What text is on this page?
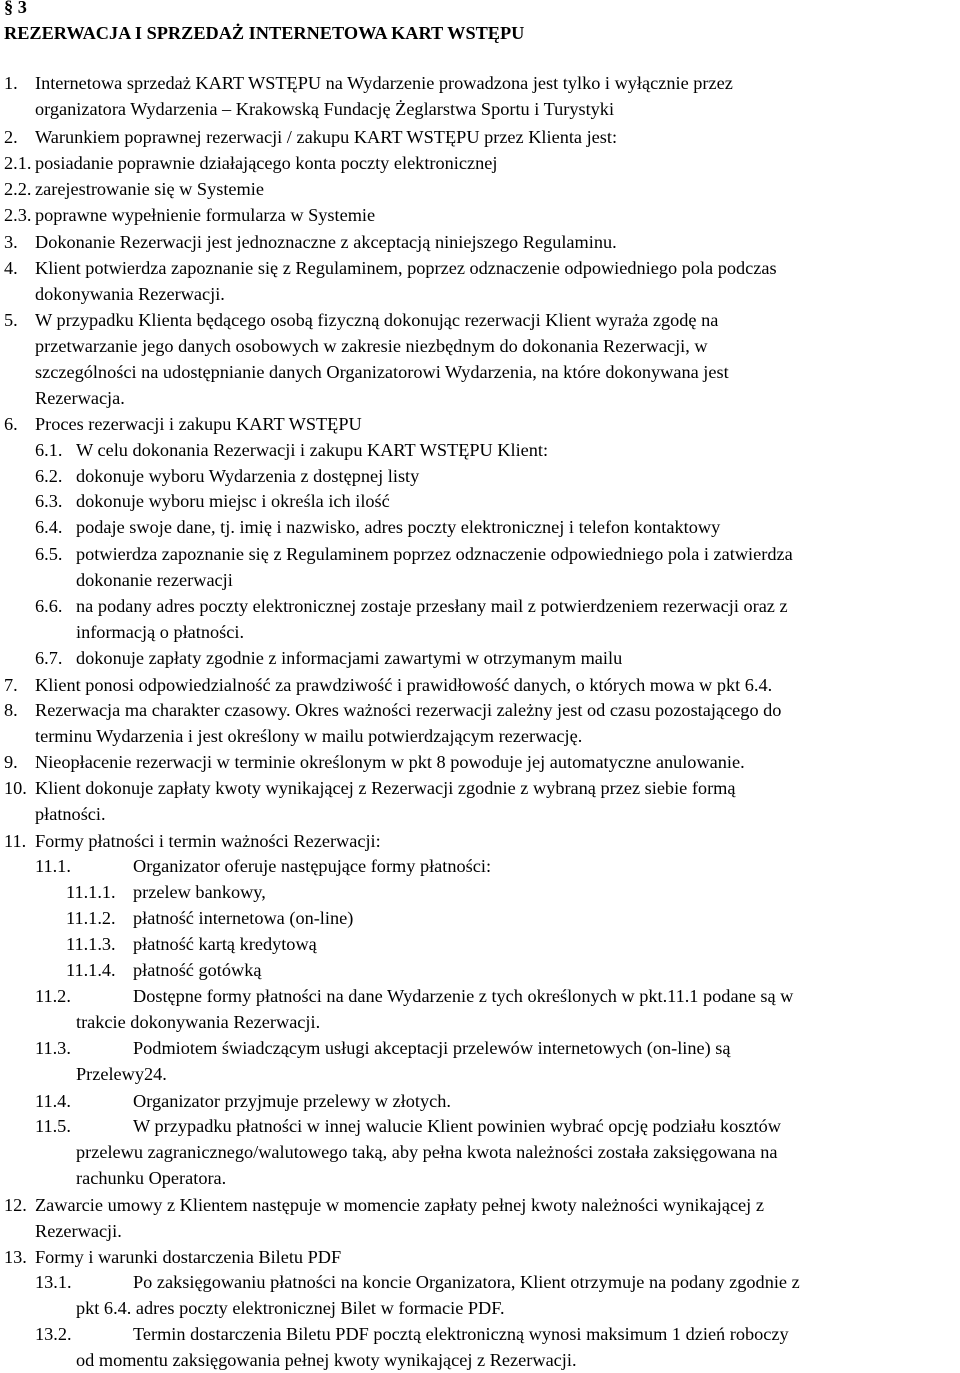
§ 3
REZERWACJA I SPRZEDAŻ INTERNETOWA KART WSTĘPU
1. Internetowa sprzedaż KART WSTĘPU na Wydarzenie prowadzona jest tylko i wyłącznie przez
organizatora Wydarzenia – Krakowską Fundację Żeglarstwa Sportu i Turystyki
2. Warunkiem poprawnej rezerwacji / zakupu KART WSTĘPU przez Klienta jest:
2.1. posiadanie poprawnie działającego konta poczty elektronicznej
2.2. zarejestrowanie się w Systemie
2.3. poprawne wypełnienie formularza w Systemie
3. Dokonanie Rezerwacji jest jednoznaczne z akceptacją niniejszego Regulaminu.
4. Klient potwierdza zapoznanie się z Regulaminem, poprzez odznaczenie odpowiedniego pola podczas
dokonywania Rezerwacji.
5. W przypadku Klienta będącego osobą fizyczną dokonując rezerwacji Klient wyraża zgodę na
przetwarzanie jego danych osobowych w zakresie niezbędnym do dokonania Rezerwacji, w
szczególności na udostępnianie danych Organizatorowi Wydarzenia, na które dokonywana jest
Rezerwacja.
6. Proces rezerwacji i zakupu KART WSTĘPU
6.1. W celu dokonania Rezerwacji i zakupu KART WSTĘPU Klient:
6.2. dokonuje wyboru Wydarzenia z dostępnej listy
6.3. dokonuje wyboru miejsc i określa ich ilość
6.4. podaje swoje dane, tj. imię i nazwisko, adres poczty elektronicznej i telefon kontaktowy
6.5. potwierdza zapoznanie się z Regulaminem poprzez odznaczenie odpowiedniego pola i zatwierdza
dokonanie rezerwacji
6.6. na podany adres poczty elektronicznej zostaje przesłany mail z potwierdzeniem rezerwacji oraz z
informacją o płatności.
6.7. dokonuje zapłaty zgodnie z informacjami zawartymi w otrzymanym mailu
7. Klient ponosi odpowiedzialność za prawdziwość i prawidłowość danych, o których mowa w pkt 6.4.
8. Rezerwacja ma charakter czasowy. Okres ważności rezerwacji zależny jest od czasu pozostającego do
terminu Wydarzenia i jest określony w mailu potwierdzającym rezerwację.
9. Nieopłacenie rezerwacji w terminie określonym w pkt 8 powoduje jej automatyczne anulowanie.
10. Klient dokonuje zapłaty kwoty wynikającej z Rezerwacji zgodnie z wybraną przez siebie formą
płatności.
11. Formy płatności i termin ważności Rezerwacji:
11.1.	Organizator oferuje następujące formy płatności:
11.1.1. przelew bankowy,
11.1.2. płatność internetowa (on-line)
11.1.3. płatność kartą kredytową
11.1.4. płatność gotówką
11.2.	Dostępne formy płatności na dane Wydarzenie z tych określonych w pkt.11.1 podane są w
trakcie dokonywania Rezerwacji.
11.3.	Podmiotem świadczącym usługi akceptacji przelewów internetowych (on-line) są
Przelewy24.
11.4.	Organizator przyjmuje przelewy w złotych.
11.5.	W przypadku płatności w innej walucie Klient powinien wybrać opcję podziału kosztów
przelewu zagranicznego/walutowego taką, aby pełna kwota należności została zaksięgowana na
rachunku Operatora.
12. Zawarcie umowy z Klientem następuje w momencie zapłaty pełnej kwoty należności wynikającej z
Rezerwacji.
13. Formy i warunki dostarczenia Biletu PDF
13.1.	Po zaksięgowaniu płatności na koncie Organizatora, Klient otrzymuje na podany zgodnie z
pkt 6.4. adres poczty elektronicznej Bilet w formacie PDF.
13.2.	Termin dostarczenia Biletu PDF pocztą elektroniczną wynosi maksimum 1 dzień roboczy
od momentu zaksięgowania pełnej kwoty wynikającej z Rezerwacji.
